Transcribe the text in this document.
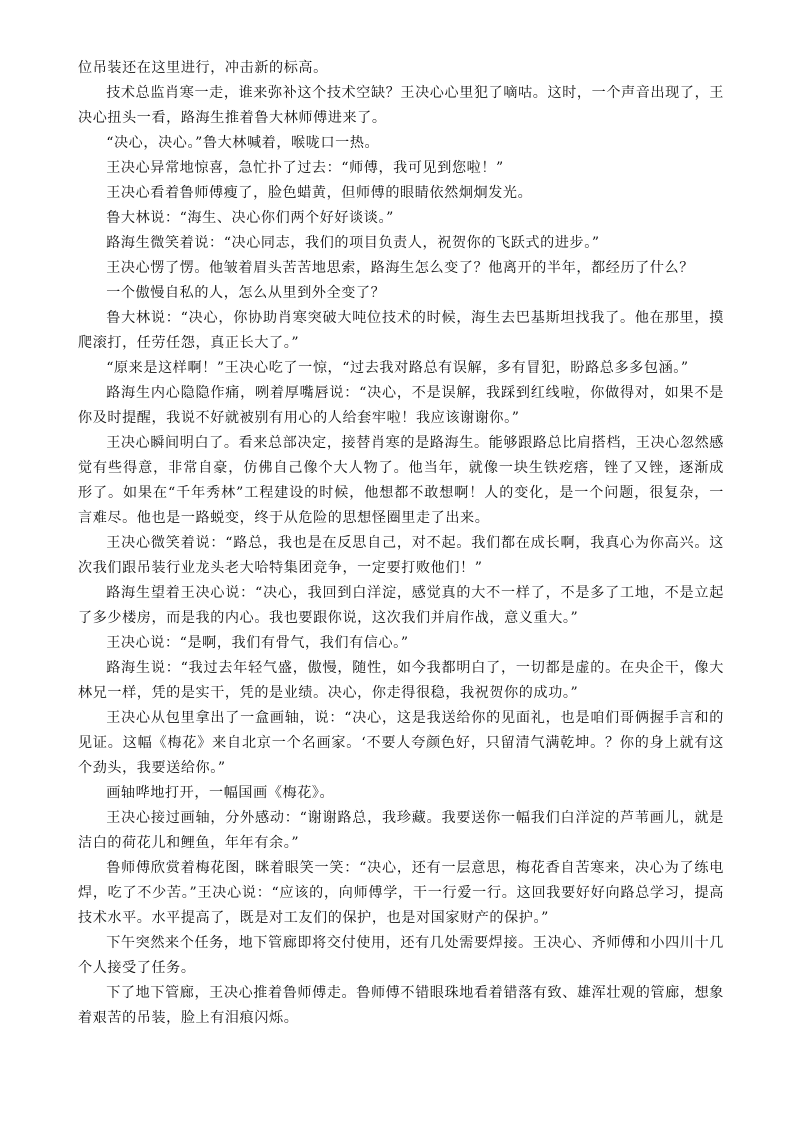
位吊装还在这里进行，冲击新的标高。

技术总监肖寒一走，谁来弥补这个技术空缺？王决心心里犯了嘀咕。这时，一个声音出现了，王决心扭头一看，路海生推着鲁大林师傅进来了。

“决心，决心。”鲁大林喊着，喉咙口一热。

王决心异常地惊喜，急忙扑了过去：“师傅，我可见到您啦！”

王决心看着鲁师傅瘦了，脸色蜡黄，但师傅的眼睛依然炯炯发光。

鲁大林说：“海生、决心你们两个好好谈谈。”

路海生微笑着说：“决心同志，我们的项目负责人，祝贺你的飞跃式的进步。”

王决心愣了愣。他皱着眉头苦苦地思索，路海生怎么变了？他离开的半年，都经历了什么？

一个傲慢自私的人，怎么从里到外全变了？

鲁大林说：“决心，你协助肖寒突破大吨位技术的时候，海生去巴基斯坦找我了。他在那里，摸爬滚打，任劳任怨，真正长大了。”

“原来是这样啊！”王决心吃了一惊，“过去我对路总有误解，多有冒犯，盼路总多多包涵。”

路海生内心隐隐作痛，咧着厚嘴唇说：“决心，不是误解，我踩到红线啦，你做得对，如果不是你及时提醒，我说不好就被别有用心的人给套牢啦！我应该谢谢你。”

王决心瞬间明白了。看来总部决定，接替肖寒的是路海生。能够跟路总比肩搭档，王决心忽然感觉有些得意，非常自豪，仿佛自己像个大人物了。他当年，就像一块生铁疙瘩，锉了又锉，逐渐成形了。如果在“千年秀林”工程建设的时候，他想都不敢想啊！人的变化，是一个问题，很复杂，一言难尽。他也是一路蜕变，终于从危险的思想怪圈里走了出来。

王决心微笑着说：“路总，我也是在反思自己，对不起。我们都在成长啊，我真心为你高兴。这次我们跟吊装行业龙头老大哈特集团竞争，一定要打败他们！”

路海生望着王决心说：“决心，我回到白洋淀，感觉真的大不一样了，不是多了工地，不是立起了多少楼房，而是我的内心。我也要跟你说，这次我们并肩作战，意义重大。”

王决心说：“是啊，我们有骨气，我们有信心。”

路海生说：“我过去年轻气盛，傲慢，随性，如今我都明白了，一切都是虚的。在央企干，像大林兄一样，凭的是实干，凭的是业绩。决心，你走得很稳，我祝贺你的成功。”

王决心从包里拿出了一盒画轴，说：“决心，这是我送给你的见面礼，也是咱们哥俩握手言和的见证。这幅《梅花》来自北京一个名画家。‘不要人夸颜色好，只留清气满乾坤。？你的身上就有这个劲头，我要送给你。”

画轴哗地打开，一幅国画《梅花》。

王决心接过画轴，分外感动：“谢谢路总，我珍藏。我要送你一幅我们白洋淀的芦苇画儿，就是洁白的荷花儿和鲤鱼，年年有余。”

鲁师傅欣赏着梅花图，眯着眼笑一笑：“决心，还有一层意思，梅花香自苦寒来，决心为了练电焊，吃了不少苦。”王决心说：“应该的，向师傅学，干一行爱一行。这回我要好好向路总学习，提高技术水平。水平提高了，既是对工友们的保护，也是对国家财产的保护。”

下午突然来个任务，地下管廊即将交付使用，还有几处需要焊接。王决心、齐师傅和小四川十几个人接受了任务。

下了地下管廊，王决心推着鲁师傅走。鲁师傅不错眼珠地看着错落有致、雄浑壮观的管廊，想象着艰苦的吊装，脸上有泪痕闪烁。
